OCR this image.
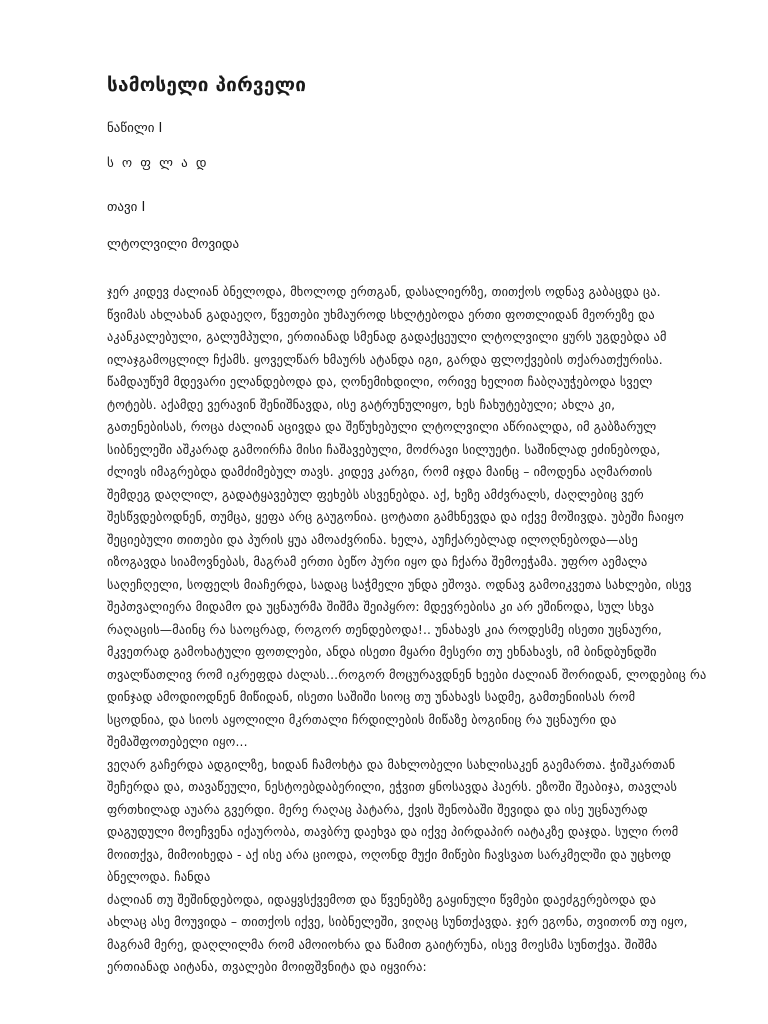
სამოსელი პირველი
ნაწილი I
ს ო ფ ლ ა დ
თავი I
ლტოლვილი მოვიდა
ჯერ კიდევ ძალიან ბნელოდა, მხოლოდ ერთგან, დასალიერზე, თითქოს ოდნავ გაბაცდა ცა.
წვიმას ახლახან გადაეღო, წვეთები უხმაუროდ სხლტებოდა ერთი ფოთლიდან მეორეზე და
აკანკალებული, გალუმპული, ერთიანად სმენად გადაქცეული ლტოლვილი ყურს უგდებდა ამ
ილაჯგამოცლილ ჩქამს. ყოველწარ ხმაურს ატანდა იგი, გარდა ფლოქვების თქარათქურისა.
წამდაუწუმ მდევარი ელანდებოდა და, ღონემიხდილი, ორივე ხელით ჩაბღაუჭებოდა სველ
ტოტებს. აქამდე ვერავინ შენიშნავდა, ისე გატრუნულიყო, ხეს ჩახუტებული; ახლა კი,
გათენებისას, როცა ძალიან აცივდა და შეწუხებული ლტოლვილი აწრიალდა, იმ გაბზარულ
სიბნელეში აშკარად გამოირჩა მისი ჩაშავებული, მოძრავი სილუეტი. საშინლად ეძინებოდა,
ძლივს იმაგრებდა დამძიმებულ თავს. კიდევ კარგი, რომ იჯდა მაინც – იმოდენა აღმართის
შემდეგ დაღლილ, გადატყავებულ ფეხებს ასვენებდა. აქ, ხეზე ამძვრალს, ძაღლებიც ვერ
შესწვდებოდნენ, თუმცა, ყეფა არც გაუგონია. ცოტათი გამხნევდა და იქვე მოშივდა. უბეში ჩაიყო
შეციებული თითები და პურის ყუა ამოაძვრინა. ხელა, აუჩქარებლად ილოღნებოდა—ასე
იზოგავდა სიამოვნებას, მაგრამ ერთი ბეწო პური იყო და ჩქარა შემოეჭამა. უფრო აემალა
საღეჩღელი, სოფელს მიაჩერდა, სადაც საჭმელი უნდა ეშოვა. ოდნავ გამოიკვეთა სახლები, ისევ
შეპთვალიერა მიდამო და უცნაურმა შიშმა შეიპყრო: მდევრებისა კი არ ეშინოდა, სულ სხვა
რაღაცის—მაინც რა საოცრად, როგორ თენდებოდა!.. უნახავს კია როდესმე ისეთი უცნაური,
მკვეთრად გამოხატული ფოთლები, ანდა ისეთი მყარი მესერი თუ ეხნახავს, იმ ბინდბუნდში
თვალწათლივ რომ იკრეფდა ძალას...როგორ მოცურავდნენ ხეები ძალიან შორიდან, ლოდებიც რა
დინჯად ამოდიოდნენ მიწიდან, ისეთი საშიში სიოც თუ უნახავს სადმე, გამთენიისას რომ
სცოდნია, და სიოს აყოლილი მკრთალი ჩრდილების მიწაზე ბოგინიც რა უცნაური და
შემაშფოთებელი იყო...
ვეღარ გაჩერდა ადგილზე, ხიდან ჩამოხტა და მახლობელი სახლისაკენ გაემართა. ჭიშკართან
შეჩერდა და, თავაწეული, ნესტოებდაბერილი, ეჭვით ყნოსავდა ჰაერს. ეზოში შეაბიჯა, თავლას
ფრთხილად აუარა გვერდი. მერე რაღაც პატარა, ქვის შენობაში შევიდა და ისე უცნაურად
დაგუდული მოეჩვენა იქაურობა, თავბრუ დაეხვა და იქვე პირდაპირ იატაკზე დაჯდა. სული რომ
მოითქვა, მიმოიხედა - აქ ისე არა ციოდა, ოღონდ მუქი მიწები ჩავსვათ სარკმელში და უცხოდ
ბნელოდა. ჩანდა
ძალიან თუ შეშინდებოდა, იდაყვსქვემოთ და წვენებზე გაყინული წვმები დაეძგერებოდა და
ახლაც ასე მოუვიდა – თითქოს იქვე, სიბნელეში, ვიღაც სუნთქავდა. ჯერ ეგონა, თვითონ თუ იყო,
მაგრამ მერე, დაღლილმა რომ ამოიოხრა და წამით გაიტრუნა, ისევ მოესმა სუნთქვა. შიშმა
ერთიანად აიტანა, თვალები მოიფშვნიტა და იყვირა:
